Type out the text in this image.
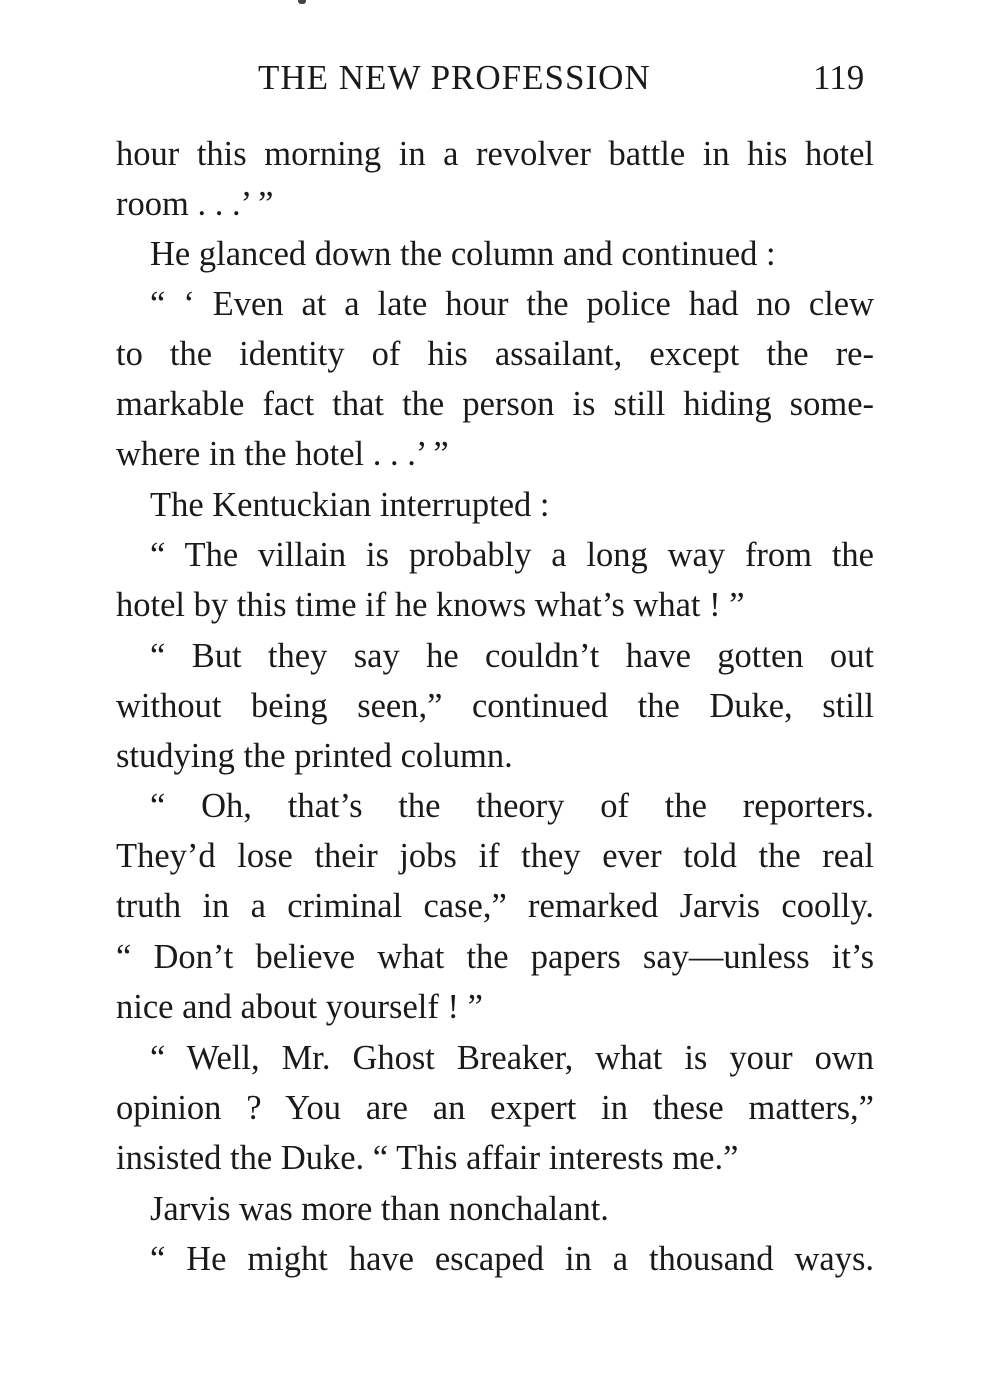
THE NEW PROFESSION	119
hour this morning in a revolver battle in his hotel
room . . .’ ”
He glanced down the column and continued :
“ ‘ Even at a late hour the police had no clew
to the identity of his assailant, except the re-
markable fact that the person is still hiding some-
where in the hotel . . .’ ”
The Kentuckian interrupted :
“ The villain is probably a long way from the
hotel by this time if he knows what’s what ! ”
“ But they say he couldn’t have gotten out
without being seen,” continued the Duke, still
studying the printed column.
“ Oh, that’s the theory of the reporters.
They’d lose their jobs if they ever told the real
truth in a criminal case,” remarked Jarvis coolly.
“ Don’t believe what the papers say—unless it’s
nice and about yourself ! ”
“ Well, Mr. Ghost Breaker, what is your own
opinion ? You are an expert in these matters,”
insisted the Duke. “ This affair interests me.”
Jarvis was more than nonchalant.
“ He might have escaped in a thousand ways.
